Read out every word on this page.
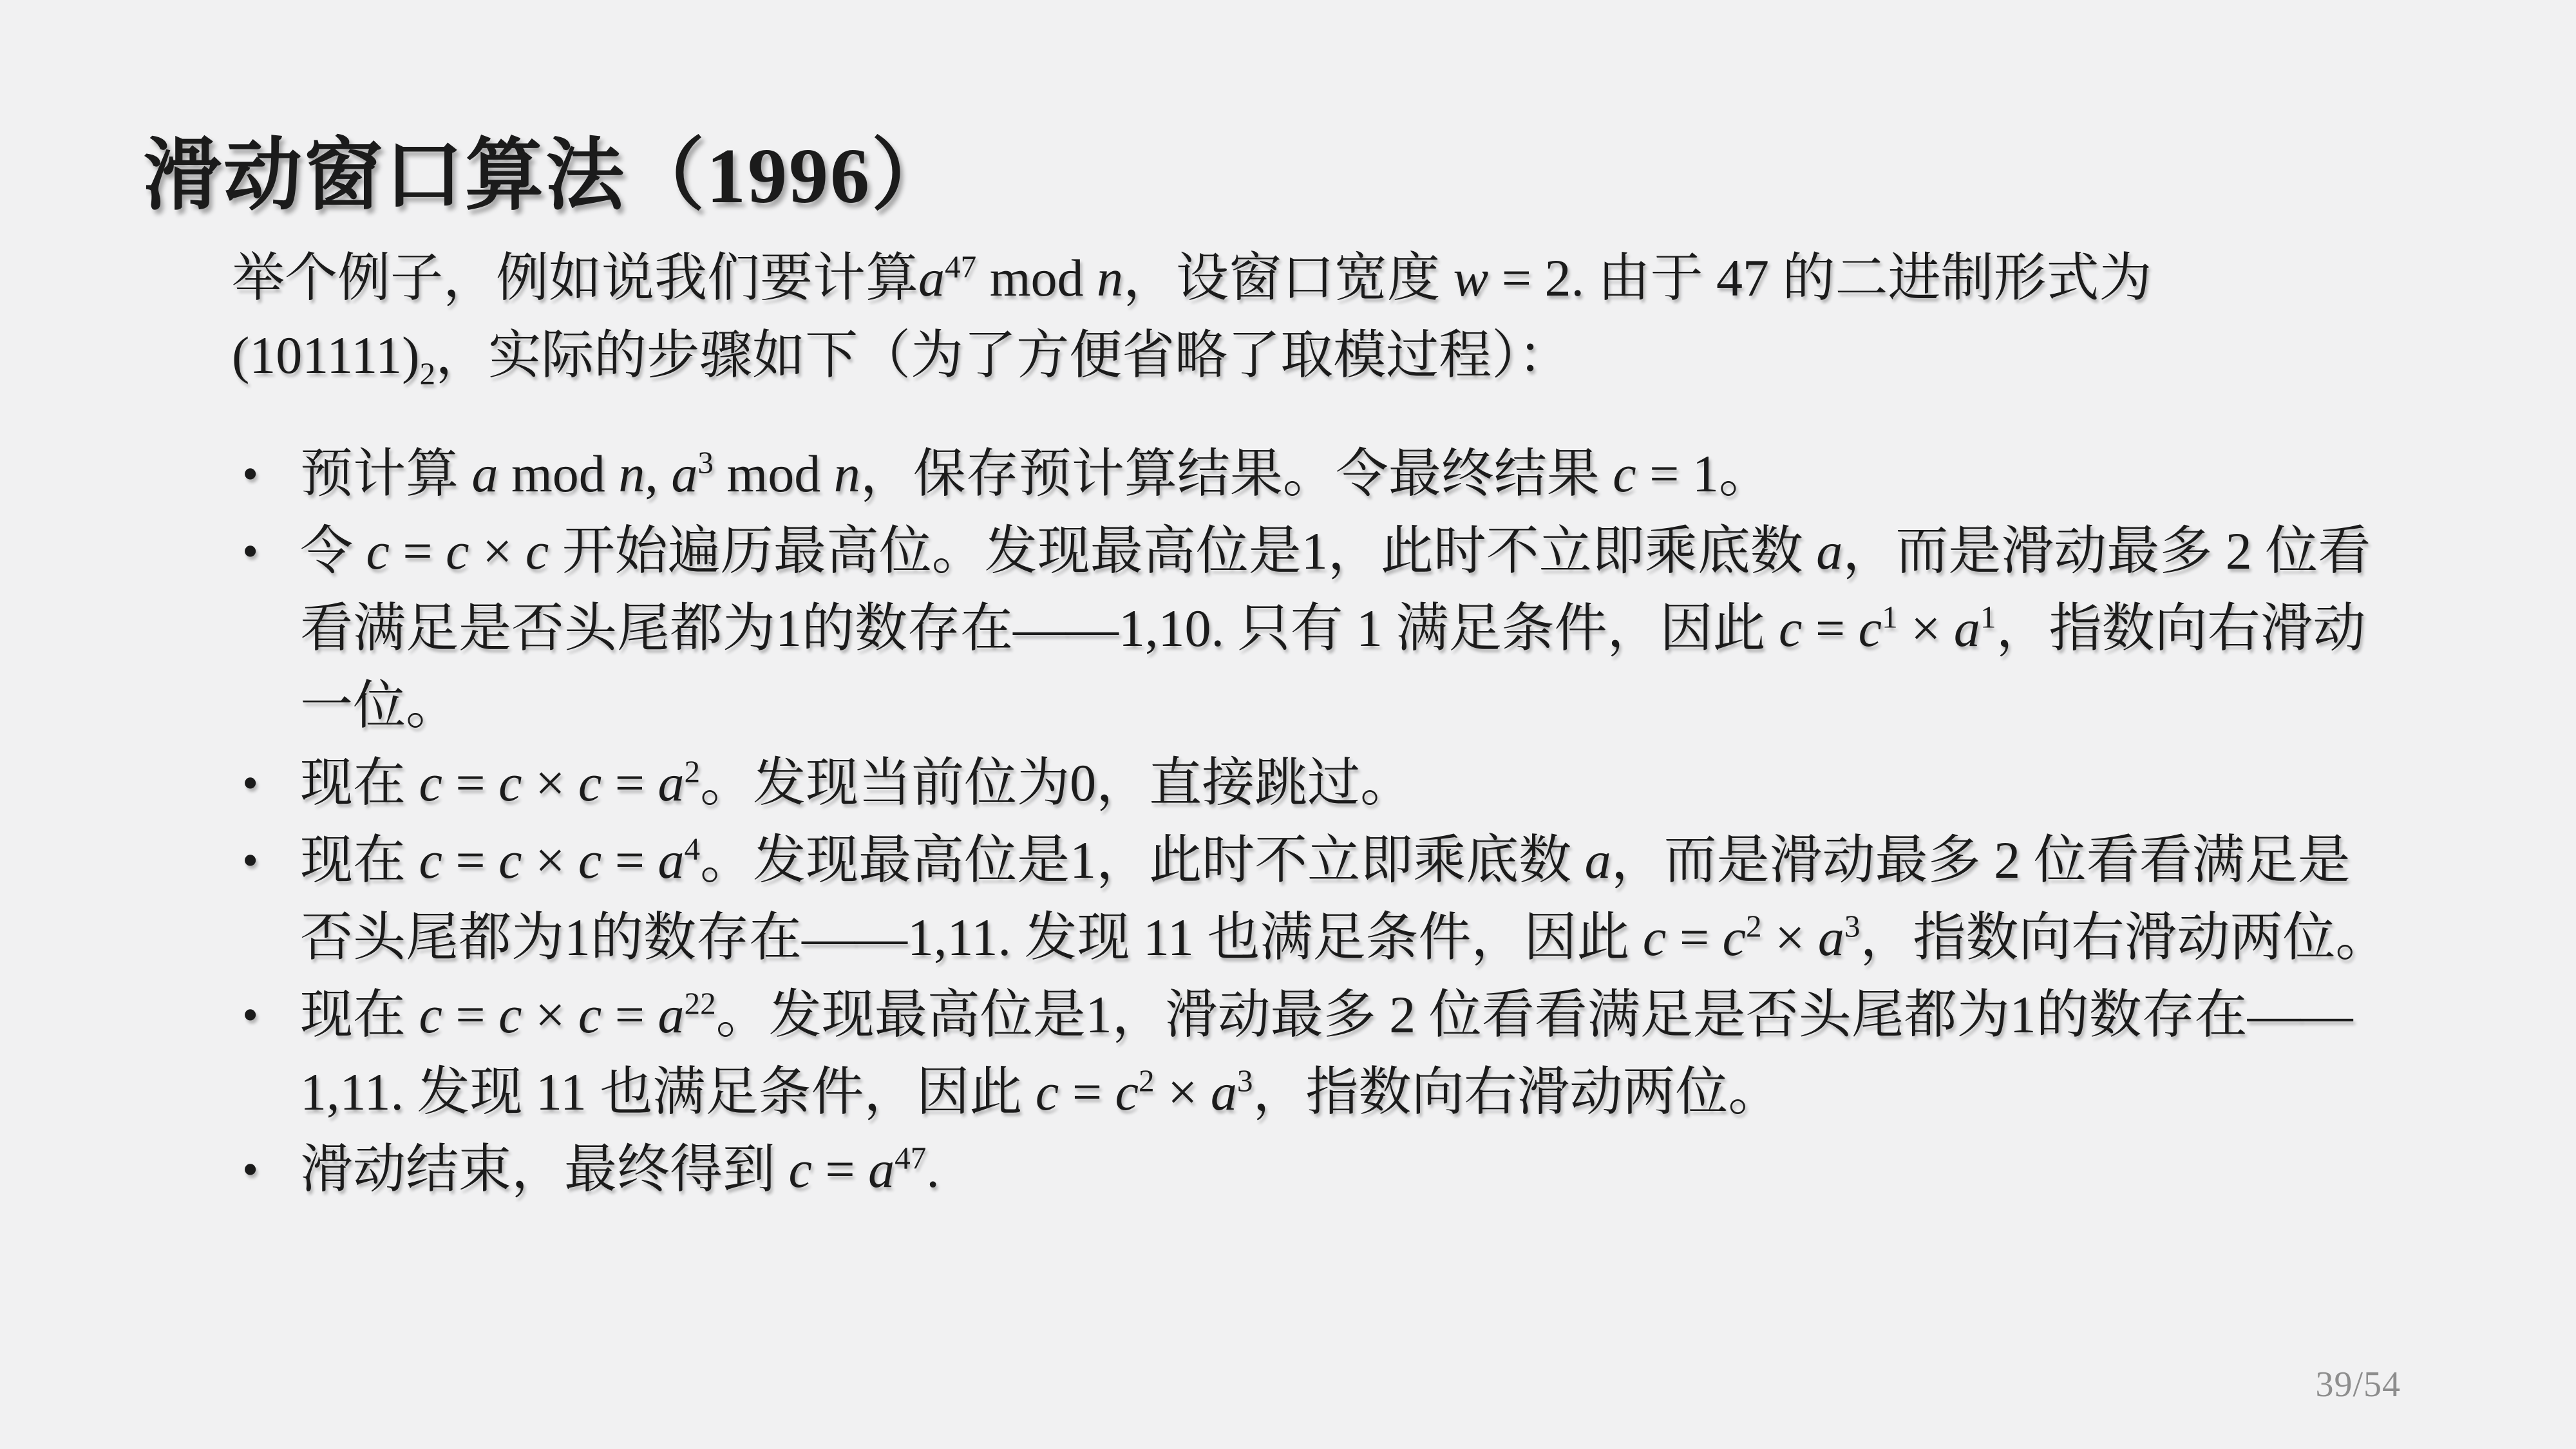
滑动窗口算法（1996）

举个例子，例如说我们要计算$a^{47}$ mod n，设窗口宽度 w = 2. 由于 47 的二进制形式为 $(101111)_2$，实际的步骤如下（为了方便省略了取模过程）：

• 预计算 a mod n, $a^3$ mod n，保存预计算结果。令最终结果 c = 1。
• 令 c = c × c 开始遍历最高位。发现最高位是1，此时不立即乘底数 a，而是滑动最多 2 位看看满足是否头尾都为1的数存在——1,10. 只有 1 满足条件，因此 $c = c^1 \times a^1$，指数向右滑动一位。
• 现在 $c = c \times c = a^2$。发现当前位为0，直接跳过。
• 现在 $c = c \times c = a^4$。发现最高位是1，此时不立即乘底数 a，而是滑动最多 2 位看看满足是否头尾都为1的数存在——1,11. 发现 11 也满足条件，因此 $c = c^2 \times a^3$，指数向右滑动两位。
• 现在 $c = c \times c = a^{22}$。发现最高位是1，滑动最多 2 位看看满足是否头尾都为1的数存在——1,11. 发现 11 也满足条件，因此 $c = c^2 \times a^3$，指数向右滑动两位。
• 滑动结束，最终得到 $c = a^{47}$.
39/54
